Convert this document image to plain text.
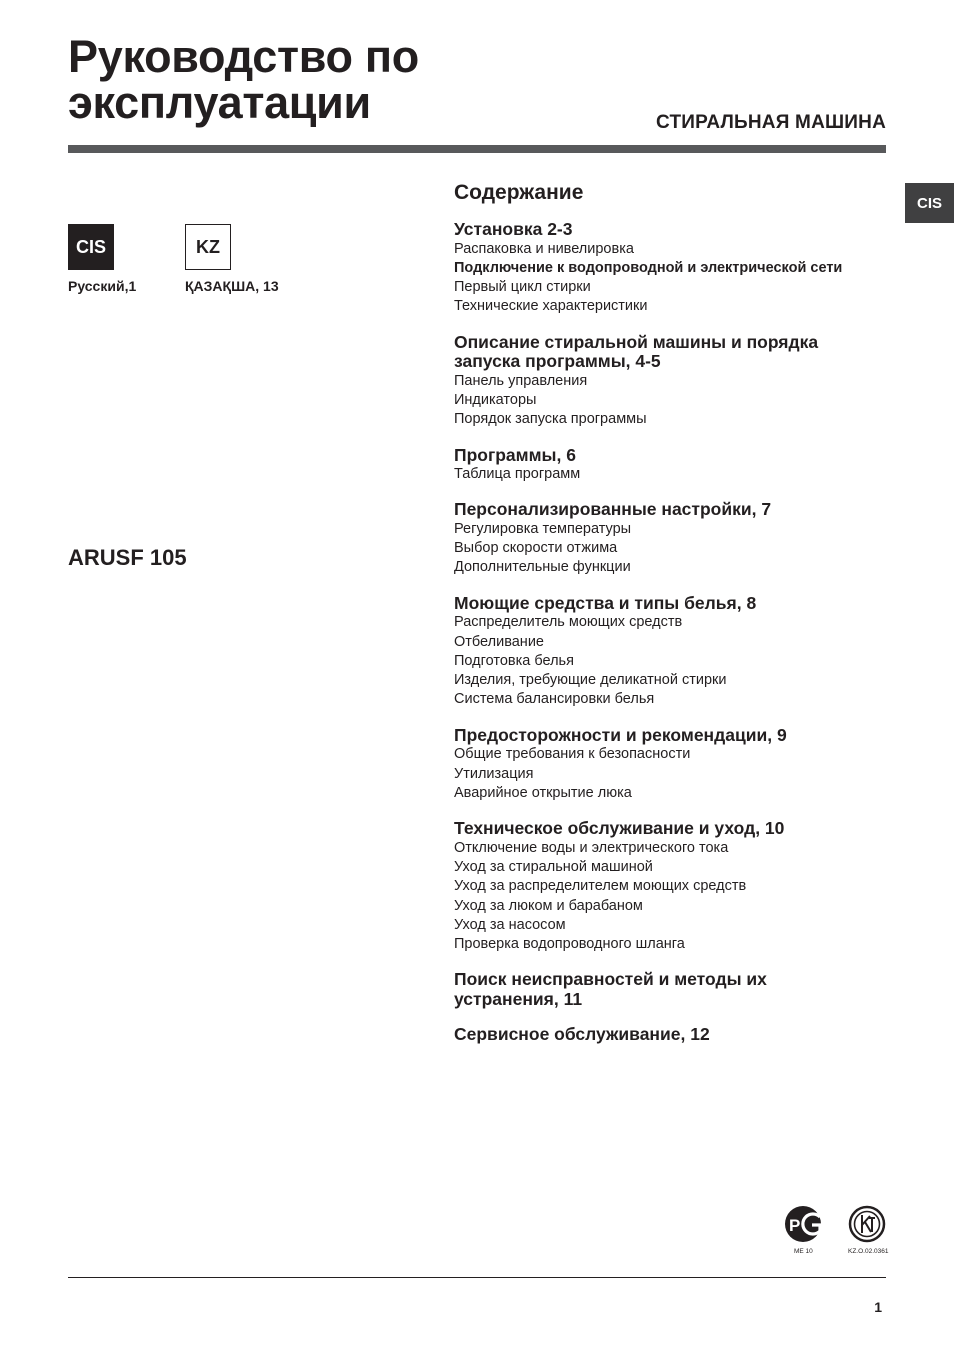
Руководство по
эксплуатации	СТИРАЛЬНАЯ МАШИНА
CIS
CIS
Русский,1
KZ
ҚАЗАҚША, 13
ARUSF 105
Содержание
Установка 2-3
Распаковка и нивелировка
Подключение к водопроводной и электрической сети
Первый цикл стирки
Технические характеристики
Описание стиральной машины и порядка
запуска программы, 4-5
Панель управления
Индикаторы
Порядок запуска программы
Программы, 6
Таблица программ
Персонализированные настройки, 7
Регулировка температуры
Выбор скорости отжима
Дополнительные функции
Моющие средства и типы белья, 8
Распределитель моющих средств
Отбеливание
Подготовка белья
Изделия, требующие деликатной стирки
Система балансировки белья
Предосторожности и рекомендации, 9
Общие требования к безопасности
Утилизация
Аварийное открытие люка
Техническое обслуживание и уход, 10
Отключение воды и электрического тока
Уход за стиральной машиной
Уход за распределителем моющих средств
Уход за люком и барабаном
Уход за насосом
Проверка водопроводного шланга
Поиск неисправностей и методы их
устранения, 11
Сервисное обслуживание, 12
P
МЕ 10	KZ.О.02.0361
1
